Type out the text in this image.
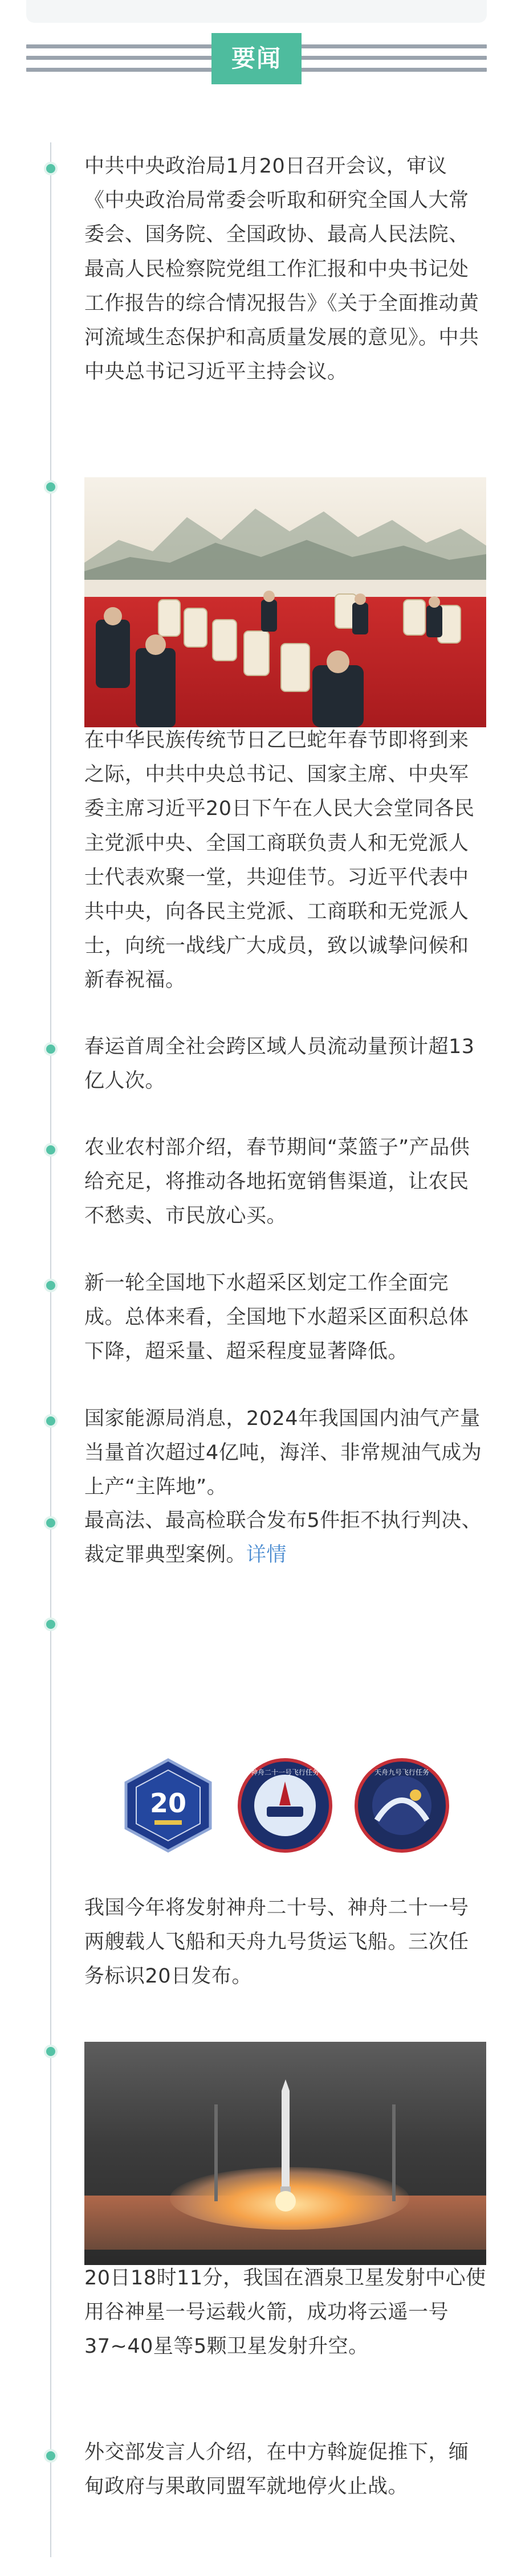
要闻
中共中央政治局1月20日召开会议，审议《中央政治局常委会听取和研究全国人大常委会、国务院、全国政协、最高人民法院、最高人民检察院党组工作汇报和中央书记处工作报告的综合情况报告》《关于全面推动黄河流域生态保护和高质量发展的意见》。中共中央总书记习近平主持会议。
在中华民族传统节日乙巳蛇年春节即将到来之际，中共中央总书记、国家主席、中央军委主席习近平20日下午在人民大会堂同各民主党派中央、全国工商联负责人和无党派人士代表欢聚一堂，共迎佳节。习近平代表中共中央，向各民主党派、工商联和无党派人士，向统一战线广大成员，致以诚挚问候和新春祝福。
春运首周全社会跨区域人员流动量预计超13亿人次。
农业农村部介绍，春节期间“菜篮子”产品供给充足，将推动各地拓宽销售渠道，让农民不愁卖、市民放心买。
新一轮全国地下水超采区划定工作全面完成。总体来看，全国地下水超采区面积总体下降，超采量、超采程度显著降低。
国家能源局消息，2024年我国国内油气产量当量首次超过4亿吨，海洋、非常规油气成为上产“主阵地”。
最高法、最高检联合发布5件拒不执行判决、裁定罪典型案例。详情
20
神舟二十一号飞行任务	天舟九号飞行任务
我国今年将发射神舟二十号、神舟二十一号两艘载人飞船和天舟九号货运飞船。三次任务标识20日发布。
20日18时11分，我国在酒泉卫星发射中心使用谷神星一号运载火箭，成功将云遥一号37~40星等5颗卫星发射升空。
外交部发言人介绍，在中方斡旋促推下，缅甸政府与果敢同盟军就地停火止战。
